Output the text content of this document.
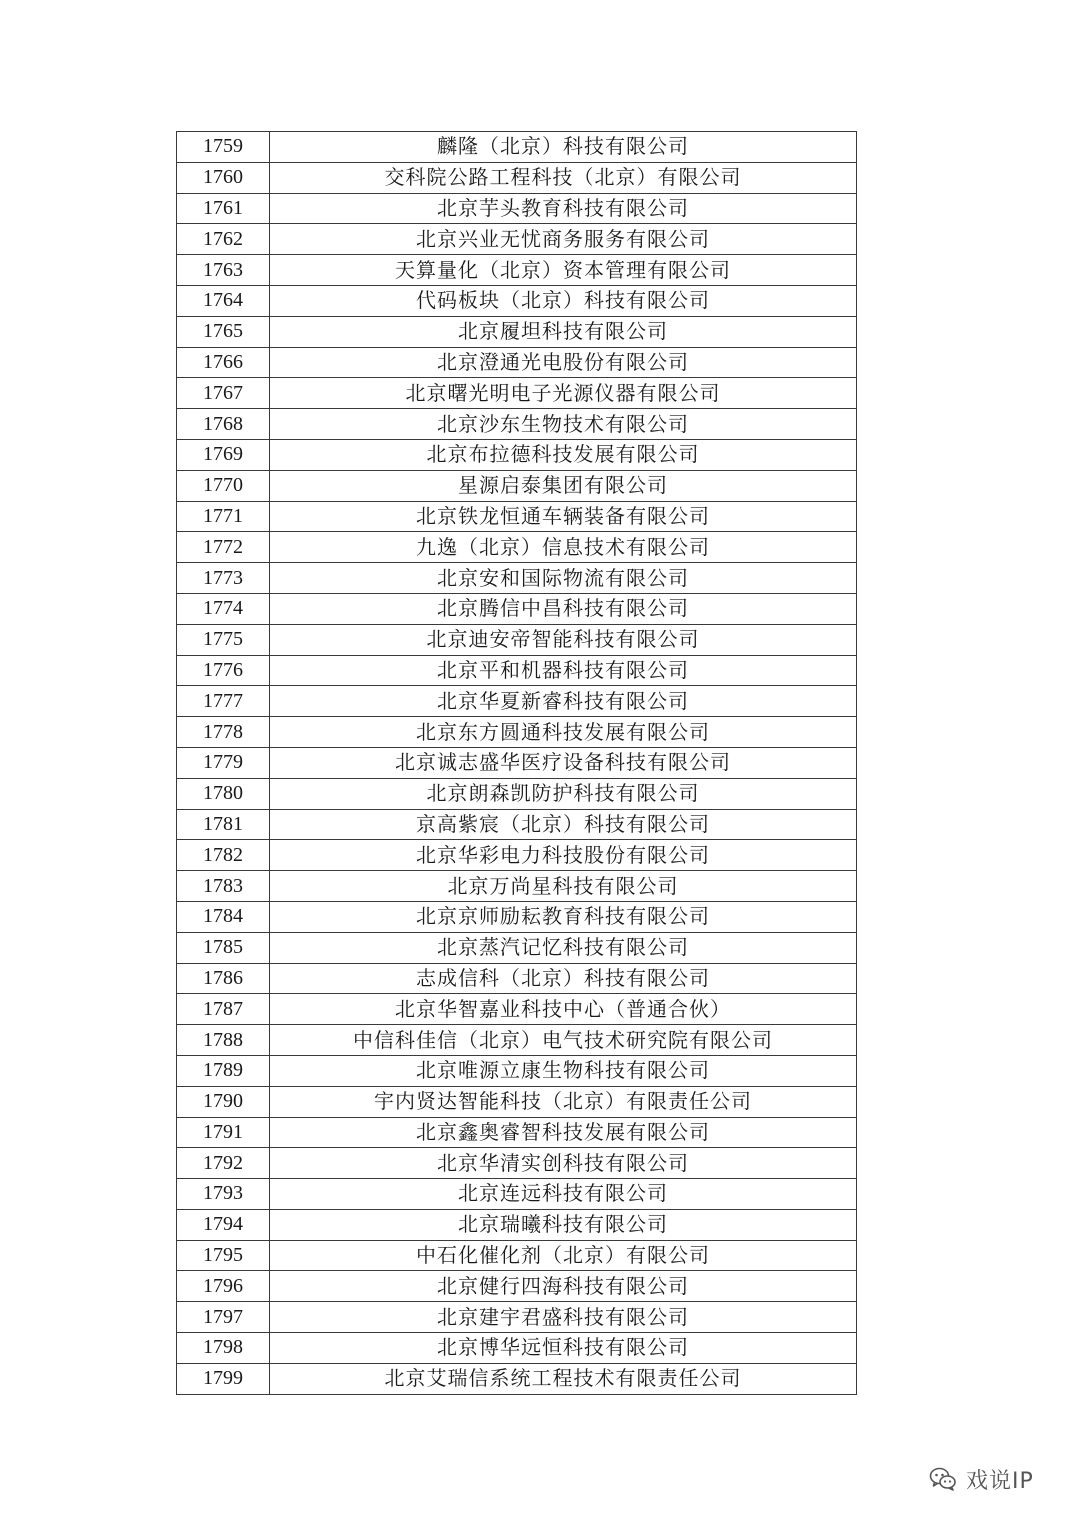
1759	麟隆（北京）科技有限公司
1760	交科院公路工程科技（北京）有限公司
1761	北京芋头教育科技有限公司
1762	北京兴业无忧商务服务有限公司
1763	天算量化（北京）资本管理有限公司
1764	代码板块（北京）科技有限公司
1765	北京履坦科技有限公司
1766	北京澄通光电股份有限公司
1767	北京曙光明电子光源仪器有限公司
1768	北京沙东生物技术有限公司
1769	北京布拉德科技发展有限公司
1770	星源启泰集团有限公司
1771	北京铁龙恒通车辆装备有限公司
1772	九逸（北京）信息技术有限公司
1773	北京安和国际物流有限公司
1774	北京腾信中昌科技有限公司
1775	北京迪安帝智能科技有限公司
1776	北京平和机器科技有限公司
1777	北京华夏新睿科技有限公司
1778	北京东方圆通科技发展有限公司
1779	北京诚志盛华医疗设备科技有限公司
1780	北京朗森凯防护科技有限公司
1781	京高紫宸（北京）科技有限公司
1782	北京华彩电力科技股份有限公司
1783	北京万尚星科技有限公司
1784	北京京师励耘教育科技有限公司
1785	北京蒸汽记忆科技有限公司
1786	志成信科（北京）科技有限公司
1787	北京华智嘉业科技中心（普通合伙）
1788	中信科佳信（北京）电气技术研究院有限公司
1789	北京唯源立康生物科技有限公司
1790	宇内贤达智能科技（北京）有限责任公司
1791	北京鑫奥睿智科技发展有限公司
1792	北京华清实创科技有限公司
1793	北京连远科技有限公司
1794	北京瑞曦科技有限公司
1795	中石化催化剂（北京）有限公司
1796	北京健行四海科技有限公司
1797	北京建宇君盛科技有限公司
1798	北京博华远恒科技有限公司
1799	北京艾瑞信系统工程技术有限责任公司
戏说IP
